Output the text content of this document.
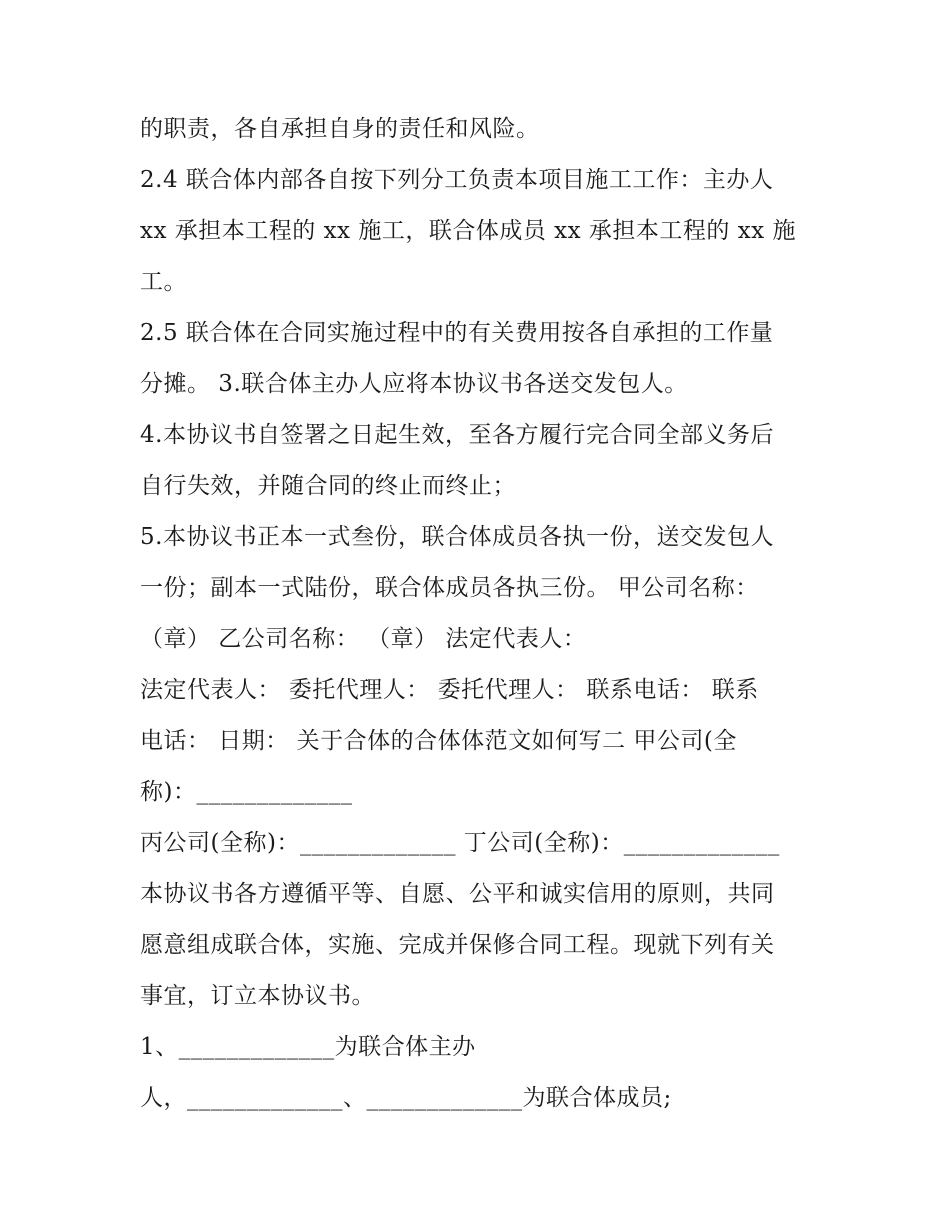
的职责，各自承担自身的责任和风险。
2.4 联合体内部各自按下列分工负责本项目施工工作：主办人
xx 承担本工程的 xx 施工，联合体成员 xx 承担本工程的 xx 施
工。
2.5 联合体在合同实施过程中的有关费用按各自承担的工作量
分摊。 3.联合体主办人应将本协议书各送交发包人。
4.本协议书自签署之日起生效，至各方履行完合同全部义务后
自行失效，并随合同的终止而终止；
5.本协议书正本一式叁份，联合体成员各执一份，送交发包人
一份；副本一式陆份，联合体成员各执三份。 甲公司名称：
（章） 乙公司名称： （章） 法定代表人：
法定代表人： 委托代理人： 委托代理人： 联系电话： 联系
电话： 日期： 关于合体的合体体范文如何写二 甲公司(全
称)：_____________
丙公司(全称)：_____________ 丁公司(全称)：_____________
本协议书各方遵循平等、自愿、公平和诚实信用的原则，共同
愿意组成联合体，实施、完成并保修合同工程。现就下列有关
事宜，订立本协议书。
1、_____________为联合体主办
人，_____________、_____________为联合体成员;
